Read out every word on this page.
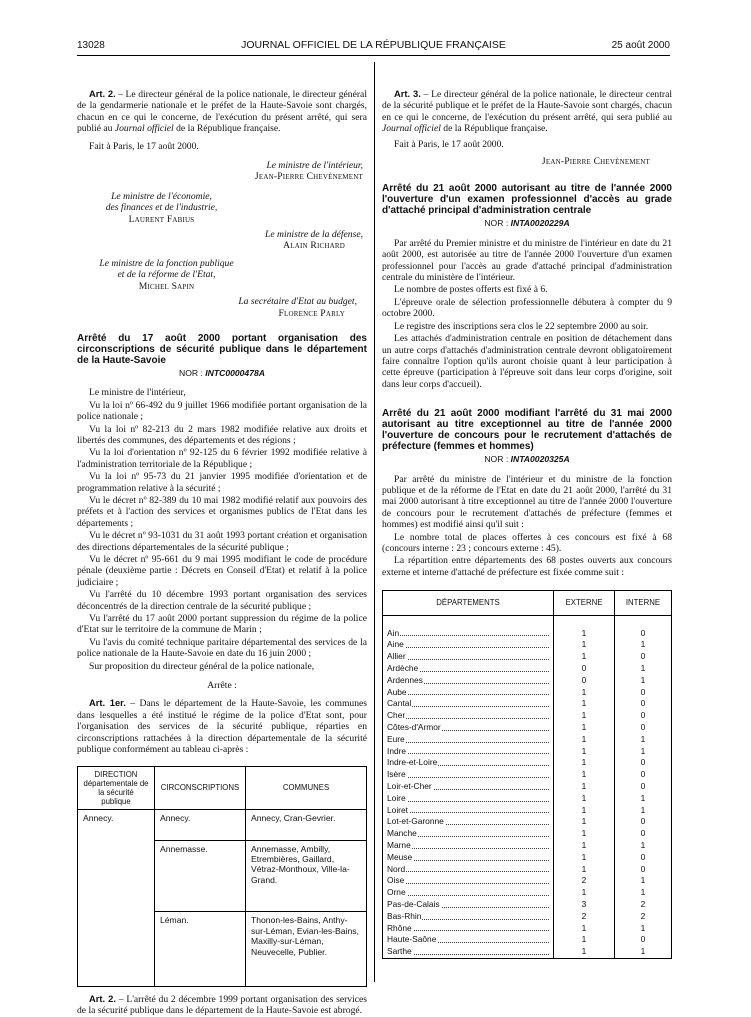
13028	JOURNAL OFFICIEL DE LA RÉPUBLIQUE FRANÇAISE	25 août 2000

Art. 2. – Le directeur général de la police nationale, le directeur général de la gendarmerie nationale et le préfet de la Haute-Savoie sont chargés, chacun en ce qui le concerne, de l'exécution du présent arrêté, qui sera publié au Journal officiel de la République française.

Fait à Paris, le 17 août 2000.

Le ministre de l'intérieur,
Jean-Pierre Chevènement
Le ministre de l'économie,
des finances et de l'industrie,
Laurent Fabius
Le ministre de la défense,
Alain Richard
Le ministre de la fonction publique
et de la réforme de l'Etat,
Michel Sapin
La secrétaire d'Etat au budget,
Florence Parly
Arrêté du 17 août 2000 portant organisation des circonscriptions de sécurité publique dans le département de la Haute-Savoie
NOR : INTC0000478A

Le ministre de l'intérieur,

Vu la loi nº 66-492 du 9 juillet 1966 modifiée portant organisation de la police nationale ;

Vu la loi nº 82-213 du 2 mars 1982 modifiée relative aux droits et libertés des communes, des départements et des régions ;

Vu la loi d'orientation nº 92-125 du 6 février 1992 modifiée relative à l'administration territoriale de la République ;

Vu la loi nº 95-73 du 21 janvier 1995 modifiée d'orientation et de programmation relative à la sécurité ;

Vu le décret nº 82-389 du 10 mai 1982 modifié relatif aux pouvoirs des préfets et à l'action des services et organismes publics de l'Etat dans les départements ;

Vu le décret nº 93-1031 du 31 août 1993 portant création et organisation des directions départementales de la sécurité publique ;

Vu le décret nº 95-661 du 9 mai 1995 modifiant le code de procédure pénale (deuxième partie : Décrets en Conseil d'Etat) et relatif à la police judiciaire ;

Vu l'arrêté du 10 décembre 1993 portant organisation des services déconcentrés de la direction centrale de la sécurité publique ;

Vu l'arrêté du 17 août 2000 portant suppression du régime de la police d'Etat sur le territoire de la commune de Marin ;

Vu l'avis du comité technique paritaire départemental des services de la police nationale de la Haute-Savoie en date du 16 juin 2000 ;

Sur proposition du directeur général de la police nationale,

Arrête :

Art. 1er. – Dans le département de la Haute-Savoie, les communes dans lesquelles a été institué le régime de la police d'Etat sont, pour l'organisation des services de la sécurité publique, réparties en circonscriptions rattachées à la direction départementale de la sécurité publique conformément au tableau ci-après :

DIRECTION départementale de la sécurité publique	CIRCONSCRIPTIONS	COMMUNES
Annecy.	Annecy.	Annecy, Cran-Gevrier.
	Annemasse.	Annemasse, Ambilly, Etrembières, Gaillard, Vétraz-Monthoux, Ville-la-Grand.
	Léman.	Thonon-les-Bains, Anthy-sur-Léman, Evian-les-Bains, Maxilly-sur-Léman, Neuvecelle, Publier.

Art. 2. – L'arrêté du 2 décembre 1999 portant organisation des services de la sécurité publique dans le département de la Haute-Savoie est abrogé.

Art. 3. – Le directeur général de la police nationale, le directeur central de la sécurité publique et le préfet de la Haute-Savoie sont chargés, chacun en ce qui le concerne, de l'exécution du présent arrêté, qui sera publié au Journal officiel de la République française.

Fait à Paris, le 17 août 2000.

Jean-Pierre Chevènement
Arrêté du 21 août 2000 autorisant au titre de l'année 2000 l'ouverture d'un examen professionnel d'accès au grade d'attaché principal d'administration centrale
NOR : INTA0020229A

Par arrêté du Premier ministre et du ministre de l'intérieur en date du 21 août 2000, est autorisée au titre de l'année 2000 l'ouverture d'un examen professionnel pour l'accès au grade d'attaché principal d'administration centrale du ministère de l'intérieur.

Le nombre de postes offerts est fixé à 6.

L'épreuve orale de sélection professionnelle débutera à compter du 9 octobre 2000.

Le registre des inscriptions sera clos le 22 septembre 2000 au soir.

Les attachés d'administration centrale en position de détachement dans un autre corps d'attachés d'administration centrale devront obligatoirement faire connaître l'option qu'ils auront choisie quant à leur participation à cette épreuve (participation à l'épreuve soit dans leur corps d'origine, soit dans leur corps d'accueil).

Arrêté du 21 août 2000 modifiant l'arrêté du 31 mai 2000 autorisant au titre exceptionnel au titre de l'année 2000 l'ouverture de concours pour le recrutement d'attachés de préfecture (femmes et hommes)
NOR : INTA0020325A

Par arrêté du ministre de l'intérieur et du ministre de la fonction publique et de la réforme de l'Etat en date du 21 août 2000, l'arrêté du 31 mai 2000 autorisant à titre exceptionnel au titre de l'année 2000 l'ouverture de concours pour le recrutement d'attachés de préfecture (femmes et hommes) est modifié ainsi qu'il suit :

Le nombre total de places offertes à ces concours est fixé à 68 (concours interne : 23 ; concours externe : 45).

La répartition entre départements des 68 postes ouverts aux concours externe et interne d'attaché de préfecture est fixée comme suit :

DÉPARTEMENTS	EXTERNE	INTERNE

Ain	1	0
Aine	1	1
Allier	1	0
Ardèche	0	1
Ardennes	0	1
Aube	1	0
Cantal	1	0
Cher	1	0
Côtes-d'Armor	1	0
Eure	1	1
Indre	1	1
Indre-et-Loire	1	0
Isère	1	0
Loir-et-Cher	1	0
Loire	1	1
Loiret	1	1
Lot-et-Garonne	1	0
Manche	1	0
Marne	1	1
Meuse	1	0
Nord	1	0
Oise	2	1
Orne	1	1
Pas-de-Calais	3	2
Bas-Rhin	2	2
Rhône	1	1
Haute-Saône	1	0
Sarthe	1	1
